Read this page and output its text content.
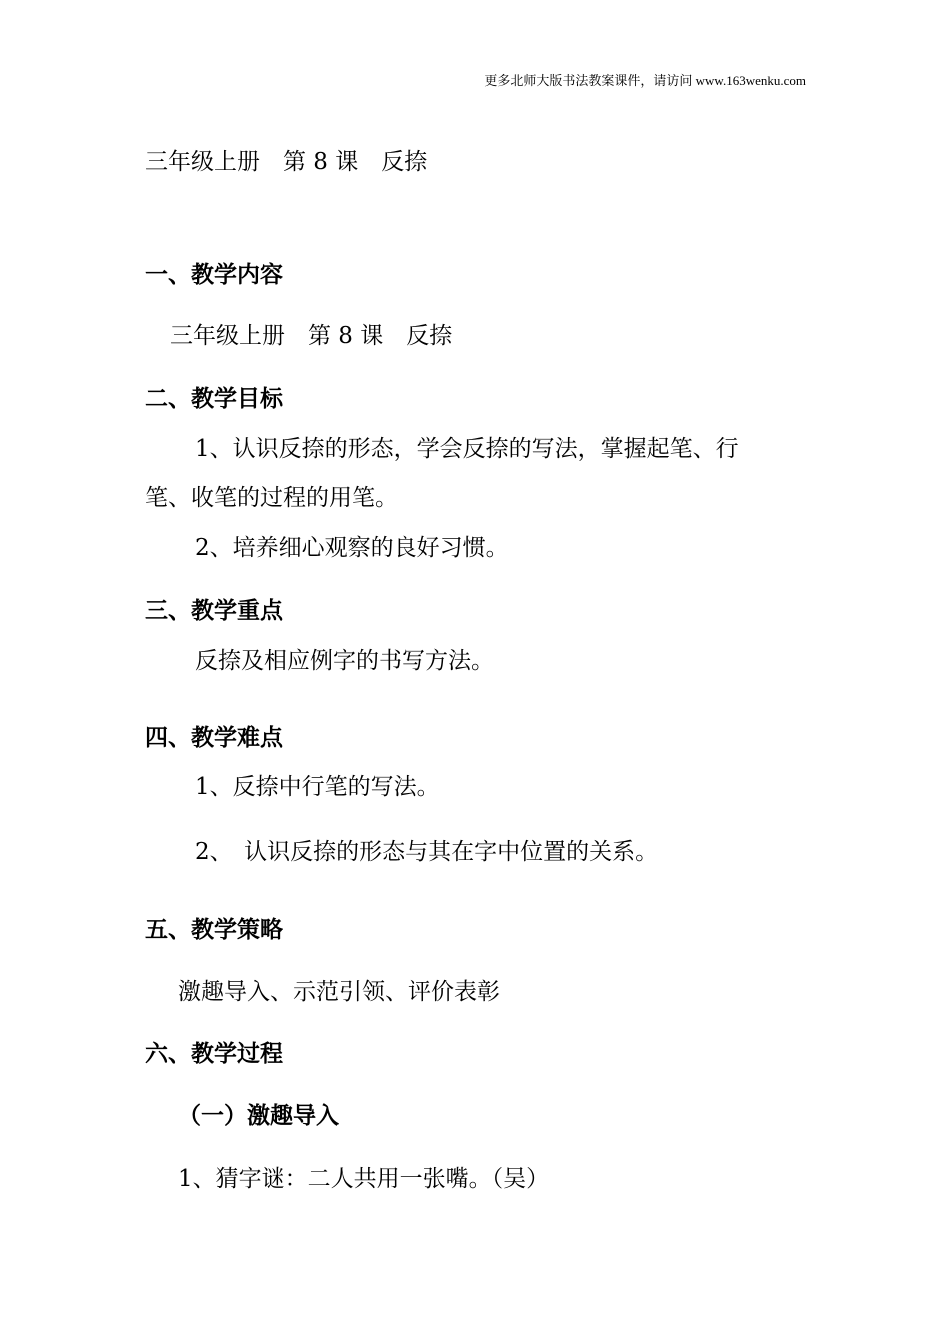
更多北师大版书法教案课件，请访问 www.163wenku.com
三年级上册　第 8 课　反捺
一、教学内容
三年级上册　第 8 课　反捺
二、教学目标
1、认识反捺的形态，学会反捺的写法，掌握起笔、行
笔、收笔的过程的用笔。
2、培养细心观察的良好习惯。
三、教学重点
反捺及相应例字的书写方法。
四、教学难点
1、反捺中行笔的写法。
2、　认识反捺的形态与其在字中位置的关系。
五、教学策略
激趣导入、示范引领、评价表彰
六、教学过程
（一）激趣导入
1、猜字谜：二人共用一张嘴。（吴）
